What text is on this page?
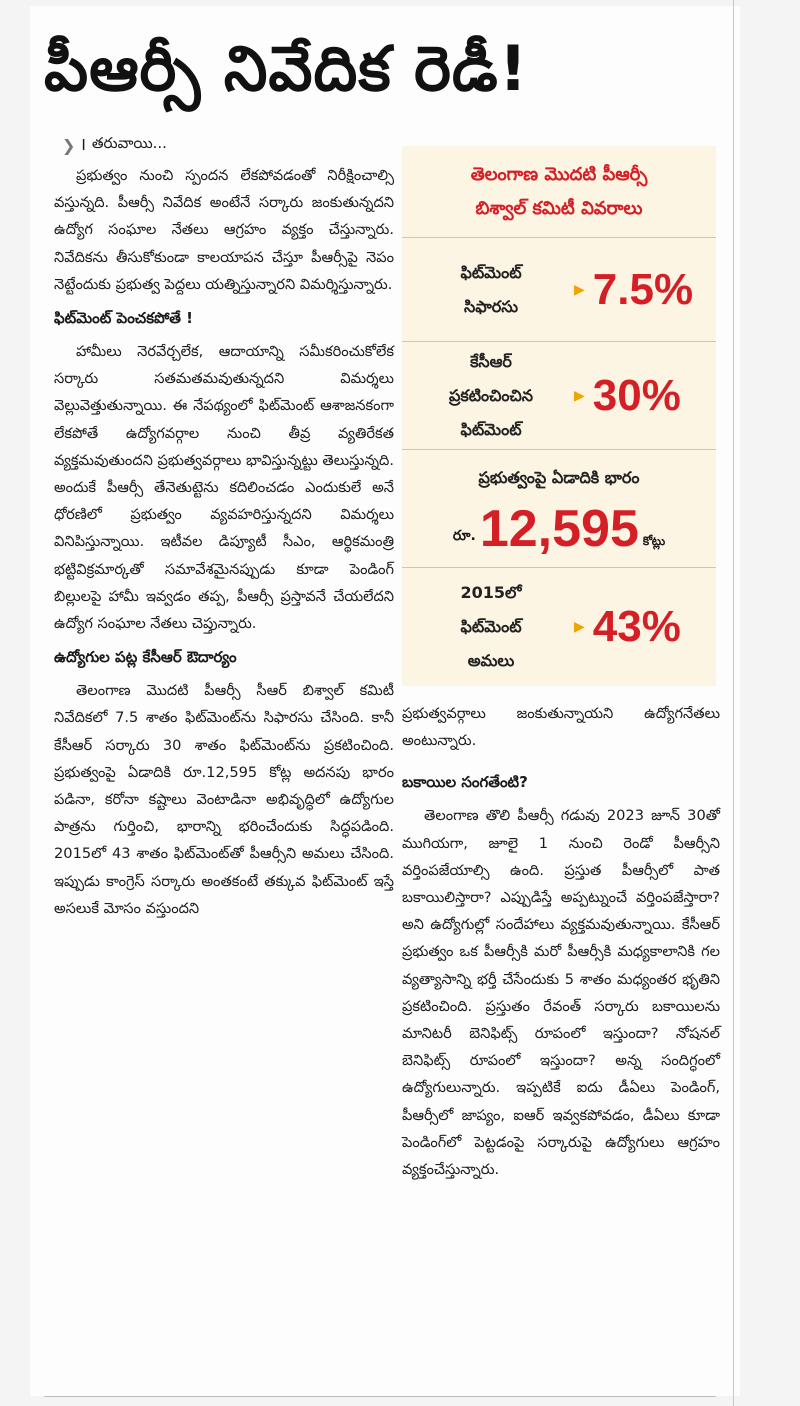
పీఆర్సీ నివేదిక రెడీ!
❯ I తరువాయి...

ప్రభుత్వం నుంచి స్పందన లేకపోవడంతో నిరీక్షించాల్సి వస్తున్నది. పీఆర్సీ నివేదిక అంటేనే సర్కారు జంకుతున్నదని ఉద్యోగ సంఘాల నేతలు ఆగ్రహం వ్యక్తం చేస్తున్నారు. నివేదికను తీసుకోకుండా కాలయాపన చేస్తూ పీఆర్సీపై నెపం నెట్టేందుకు ప్రభుత్వ పెద్దలు యత్నిస్తున్నారని విమర్శిస్తున్నారు.

ఫిట్‌మెంట్ పెంచకపోతే !

హామీలు నెరవేర్చలేక, ఆదాయాన్ని సమీకరించుకోలేక సర్కారు సతమతమవుతున్నదని విమర్శలు వెల్లువెత్తుతున్నాయి. ఈ నేపథ్యంలో ఫిట్‌మెంట్ ఆశాజనకంగా లేకపోతే ఉద్యోగవర్గాల నుంచి తీవ్ర వ్యతిరేకత వ్యక్తమవుతుందని ప్రభుత్వవర్గాలు భావిస్తున్నట్టు తెలుస్తున్నది. అందుకే పీఆర్సీ తేనెతుట్టెను కదిలించడం ఎందుకులే అనే ధోరణిలో ప్రభుత్వం వ్యవహరిస్తున్నదని విమర్శలు వినిపిస్తున్నాయి. ఇటీవల డిప్యూటీ సీఎం, ఆర్థికమంత్రి భట్టివిక్రమార్కతో సమావేశమైనప్పుడు కూడా పెండింగ్ బిల్లులపై హామీ ఇవ్వడం తప్ప, పీఆర్సీ ప్రస్తావనే చేయలేదని ఉద్యోగ సంఘాల నేతలు చెప్తున్నారు.

ఉద్యోగుల పట్ల కేసీఆర్ ఔదార్యం

తెలంగాణ మొదటి పీఆర్సీ సీఆర్ బిశ్వాల్ కమిటీ నివేదికలో 7.5 శాతం ఫిట్‌మెంట్‌ను సిఫారసు చేసింది. కానీ కేసీఆర్ సర్కారు 30 శాతం ఫిట్‌మెంట్‌ను ప్రకటించింది. ప్రభుత్వంపై ఏడాదికి రూ.12,595 కోట్ల అదనపు భారం పడినా, కరోనా కష్టాలు వెంటాడినా అభివృద్ధిలో ఉద్యోగుల పాత్రను గుర్తించి, భారాన్ని భరించేందుకు సిద్ధపడింది. 2015లో 43 శాతం ఫిట్‌మెంట్‌తో పీఆర్సీని అమలు చేసింది. ఇప్పుడు కాంగ్రెస్ సర్కారు అంతకంటే తక్కువ ఫిట్‌మెంట్ ఇస్తే అసలుకే మోసం వస్తుందని

తెలంగాణ మొదటి పీఆర్సీ
బిశ్వాల్ కమిటీ వివరాలు
ఫిట్‌మెంట్
సిఫారసు
▶ 7.5%
కేసీఆర్
ప్రకటించించిన
ఫిట్‌మెంట్
▶ 30%
ప్రభుత్వంపై ఏడాదికి భారం
రూ. 12,595 కోట్లు
2015లో
ఫిట్‌మెంట్
అమలు
▶ 43%

ప్రభుత్వవర్గాలు జంకుతున్నాయని ఉద్యోగనేతలు అంటున్నారు.

బకాయిల సంగతేంటి?

తెలంగాణ తొలి పీఆర్సీ గడువు 2023 జూన్ 30తో ముగియగా, జూలై 1 నుంచి రెండో పీఆర్సీని వర్తింపజేయాల్సి ఉంది. ప్రస్తుత పీఆర్సీలో పాత బకాయిలిస్తారా? ఎప్పుడిస్తే అప్పట్నుంచే వర్తింపజేస్తారా? అని ఉద్యోగుల్లో సందేహాలు వ్యక్తమవుతున్నాయి. కేసీఆర్ ప్రభుత్వం ఒక పీఆర్సీకి మరో పీఆర్సీకి మధ్యకాలానికి గల వ్యత్యాసాన్ని భర్తీ చేసేందుకు 5 శాతం మధ్యంతర భృతిని ప్రకటించింది. ప్రస్తుతం రేవంత్ సర్కారు బకాయిలను మానిటరీ బెనిఫిట్స్ రూపంలో ఇస్తుందా? నోషనల్ బెనిఫిట్స్ రూపంలో ఇస్తుందా? అన్న సందిగ్ధంలో ఉద్యోగులున్నారు. ఇప్పటికే ఐదు డీఏలు పెండింగ్, పీఆర్సీలో జాప్యం, ఐఆర్ ఇవ్వకపోవడం, డీఏలు కూడా పెండింగ్‌లో పెట్టడంపై సర్కారుపై ఉద్యోగులు ఆగ్రహం వ్యక్తంచేస్తున్నారు.
